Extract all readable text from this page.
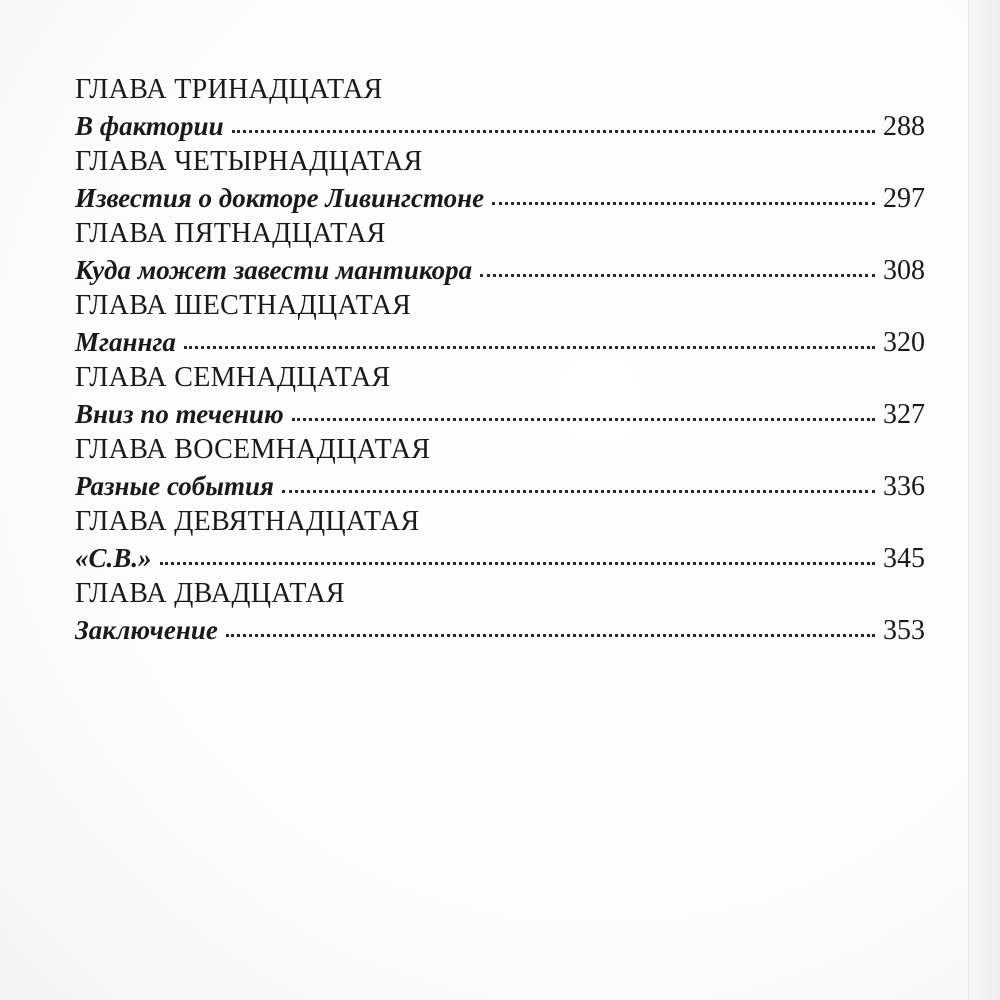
ГЛАВА ТРИНАДЦАТАЯ
В фактории	288
ГЛАВА ЧЕТЫРНАДЦАТАЯ
Известия о докторе Ливингстоне	297
ГЛАВА ПЯТНАДЦАТАЯ
Куда может завести мантикора	308
ГЛАВА ШЕСТНАДЦАТАЯ
Мганнга	320
ГЛАВА СЕМНАДЦАТАЯ
Вниз по течению	327
ГЛАВА ВОСЕМНАДЦАТАЯ
Разные события	336
ГЛАВА ДЕВЯТНАДЦАТАЯ
«С.В.»	345
ГЛАВА ДВАДЦАТАЯ
Заключение	353
